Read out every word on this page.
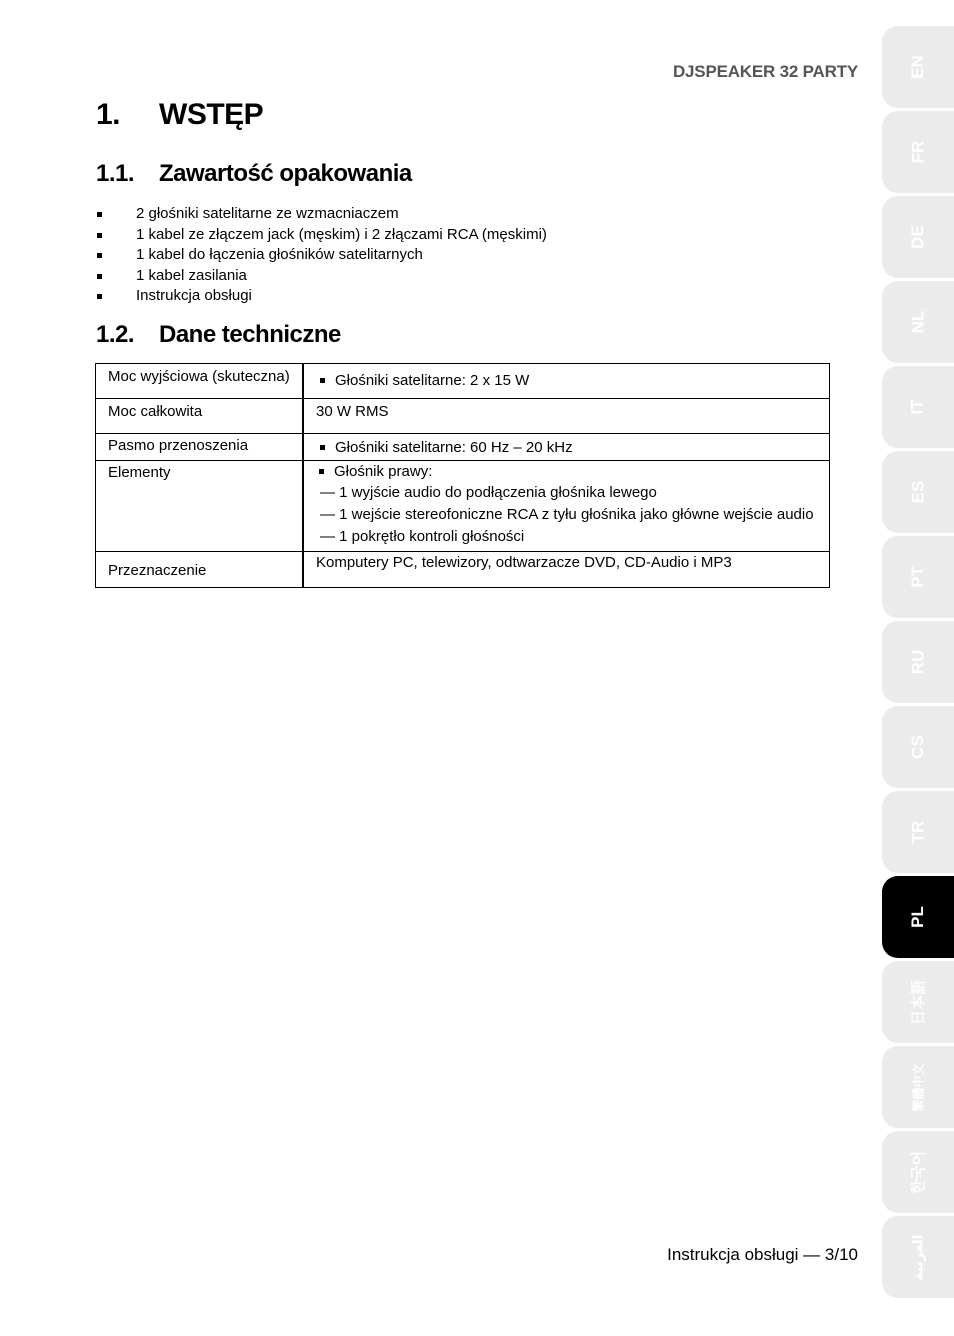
DJSPEAKER 32 PARTY
1. WSTĘP
1.1. Zawartość opakowania
2 głośniki satelitarne ze wzmacniaczem
1 kabel ze złączem jack (męskim) i 2 złączami RCA (męskimi)
1 kabel do łączenia głośników satelitarnych
1 kabel zasilania
Instrukcja obsługi
1.2. Dane techniczne
Moc wyjściowa (skuteczna)	Głośniki satelitarne: 2 x 15 W
Moc całkowita	30 W RMS
Pasmo przenoszenia	Głośniki satelitarne: 60 Hz – 20 kHz
Elementy	Głośnik prawy:
— 1 wyjście audio do podłączenia głośnika lewego
— 1 wejście stereofoniczne RCA z tyłu głośnika jako główne wejście audio
— 1 pokrętło kontroli głośności

Przeznaczenie	Komputery PC, telewizory, odtwarzacze DVD, CD-Audio i MP3
Instrukcja obsługi — 3/10
EN
FR
DE
NL
IT
ES
PT
RU
CS
TR
PL
日本語
繁體中文
한국어
العربية
